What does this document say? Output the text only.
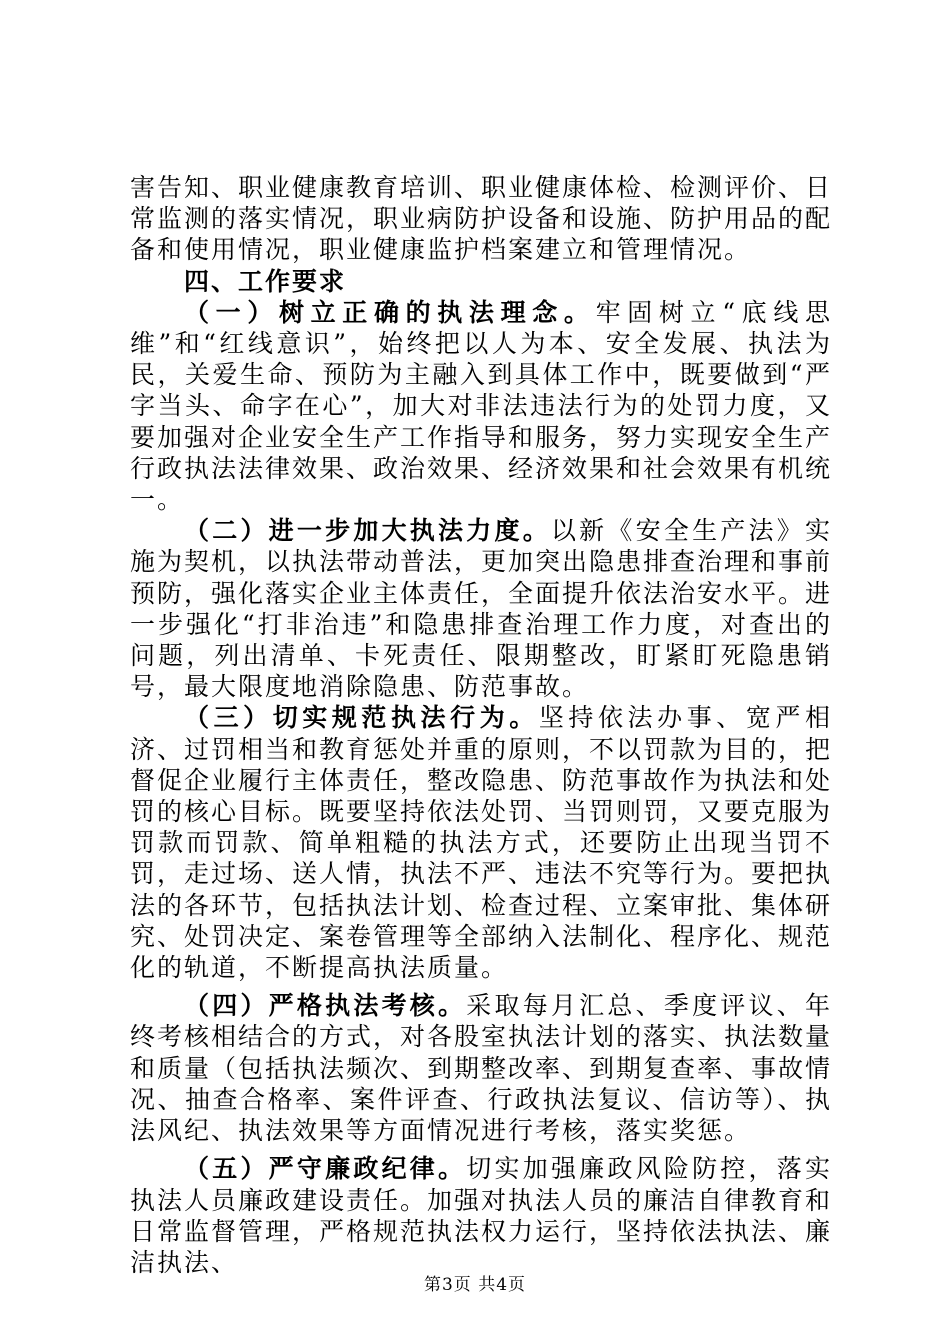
害告知、职业健康教育培训、职业健康体检、检测评价、日常监测的落实情况，职业病防护设备和设施、防护用品的配备和使用情况，职业健康监护档案建立和管理情况。

四、工作要求

（一）树立正确的执法理念。牢固树立“底线思维”和“红线意识”，始终把以人为本、安全发展、执法为民，关爱生命、预防为主融入到具体工作中，既要做到“严字当头、命字在心”，加大对非法违法行为的处罚力度，又要加强对企业安全生产工作指导和服务，努力实现安全生产行政执法法律效果、政治效果、经济效果和社会效果有机统一。

（二）进一步加大执法力度。以新《安全生产法》实施为契机，以执法带动普法，更加突出隐患排查治理和事前预防，强化落实企业主体责任，全面提升依法治安水平。进一步强化“打非治违”和隐患排查治理工作力度，对查出的问题，列出清单、卡死责任、限期整改，盯紧盯死隐患销号，最大限度地消除隐患、防范事故。

（三）切实规范执法行为。坚持依法办事、宽严相济、过罚相当和教育惩处并重的原则，不以罚款为目的，把督促企业履行主体责任，整改隐患、防范事故作为执法和处罚的核心目标。既要坚持依法处罚、当罚则罚，又要克服为罚款而罚款、简单粗糙的执法方式，还要防止出现当罚不罚，走过场、送人情，执法不严、违法不究等行为。要把执法的各环节，包括执法计划、检查过程、立案审批、集体研究、处罚决定、案卷管理等全部纳入法制化、程序化、规范化的轨道，不断提高执法质量。

（四）严格执法考核。采取每月汇总、季度评议、年终考核相结合的方式，对各股室执法计划的落实、执法数量和质量（包括执法频次、到期整改率、到期复查率、事故情况、抽查合格率、案件评查、行政执法复议、信访等）、执法风纪、执法效果等方面情况进行考核，落实奖惩。

（五）严守廉政纪律。切实加强廉政风险防控，落实执法人员廉政建设责任。加强对执法人员的廉洁自律教育和日常监督管理，严格规范执法权力运行，坚持依法执法、廉洁执法、

第3页 共4页
